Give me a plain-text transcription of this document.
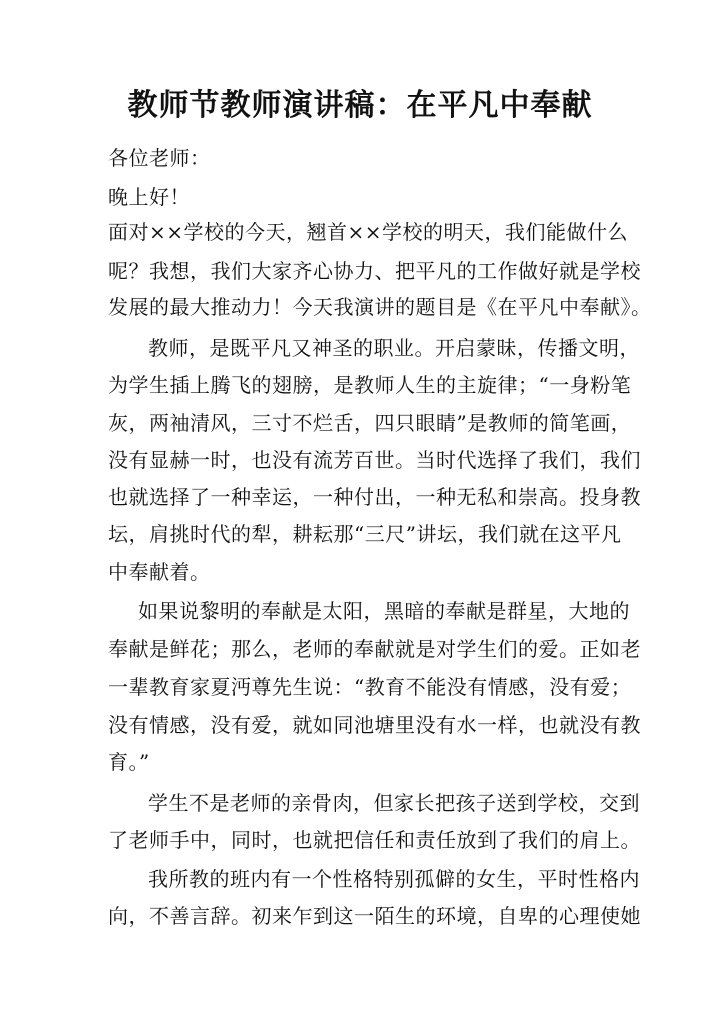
教师节教师演讲稿：在平凡中奉献
各位老师：
晚上好！
面对××学校的今天，翘首××学校的明天，我们能做什么
呢？我想，我们大家齐心协力、把平凡的工作做好就是学校
发展的最大推动力！今天我演讲的题目是《在平凡中奉献》。
教师，是既平凡又神圣的职业。开启蒙昧，传播文明，
为学生插上腾飞的翅膀，是教师人生的主旋律；“一身粉笔
灰，两袖清风，三寸不烂舌，四只眼睛”是教师的简笔画，
没有显赫一时，也没有流芳百世。当时代选择了我们，我们
也就选择了一种幸运，一种付出，一种无私和崇高。投身教
坛，肩挑时代的犁，耕耘那“三尺”讲坛，我们就在这平凡
中奉献着。
如果说黎明的奉献是太阳，黑暗的奉献是群星，大地的
奉献是鲜花；那么，老师的奉献就是对学生们的爱。正如老
一辈教育家夏沔尊先生说：“教育不能没有情感，没有爱；
没有情感，没有爱，就如同池塘里没有水一样，也就没有教
育。”
学生不是老师的亲骨肉，但家长把孩子送到学校，交到
了老师手中，同时，也就把信任和责任放到了我们的肩上。
我所教的班内有一个性格特别孤僻的女生，平时性格内
向，不善言辞。初来乍到这一陌生的环境，自卑的心理使她
